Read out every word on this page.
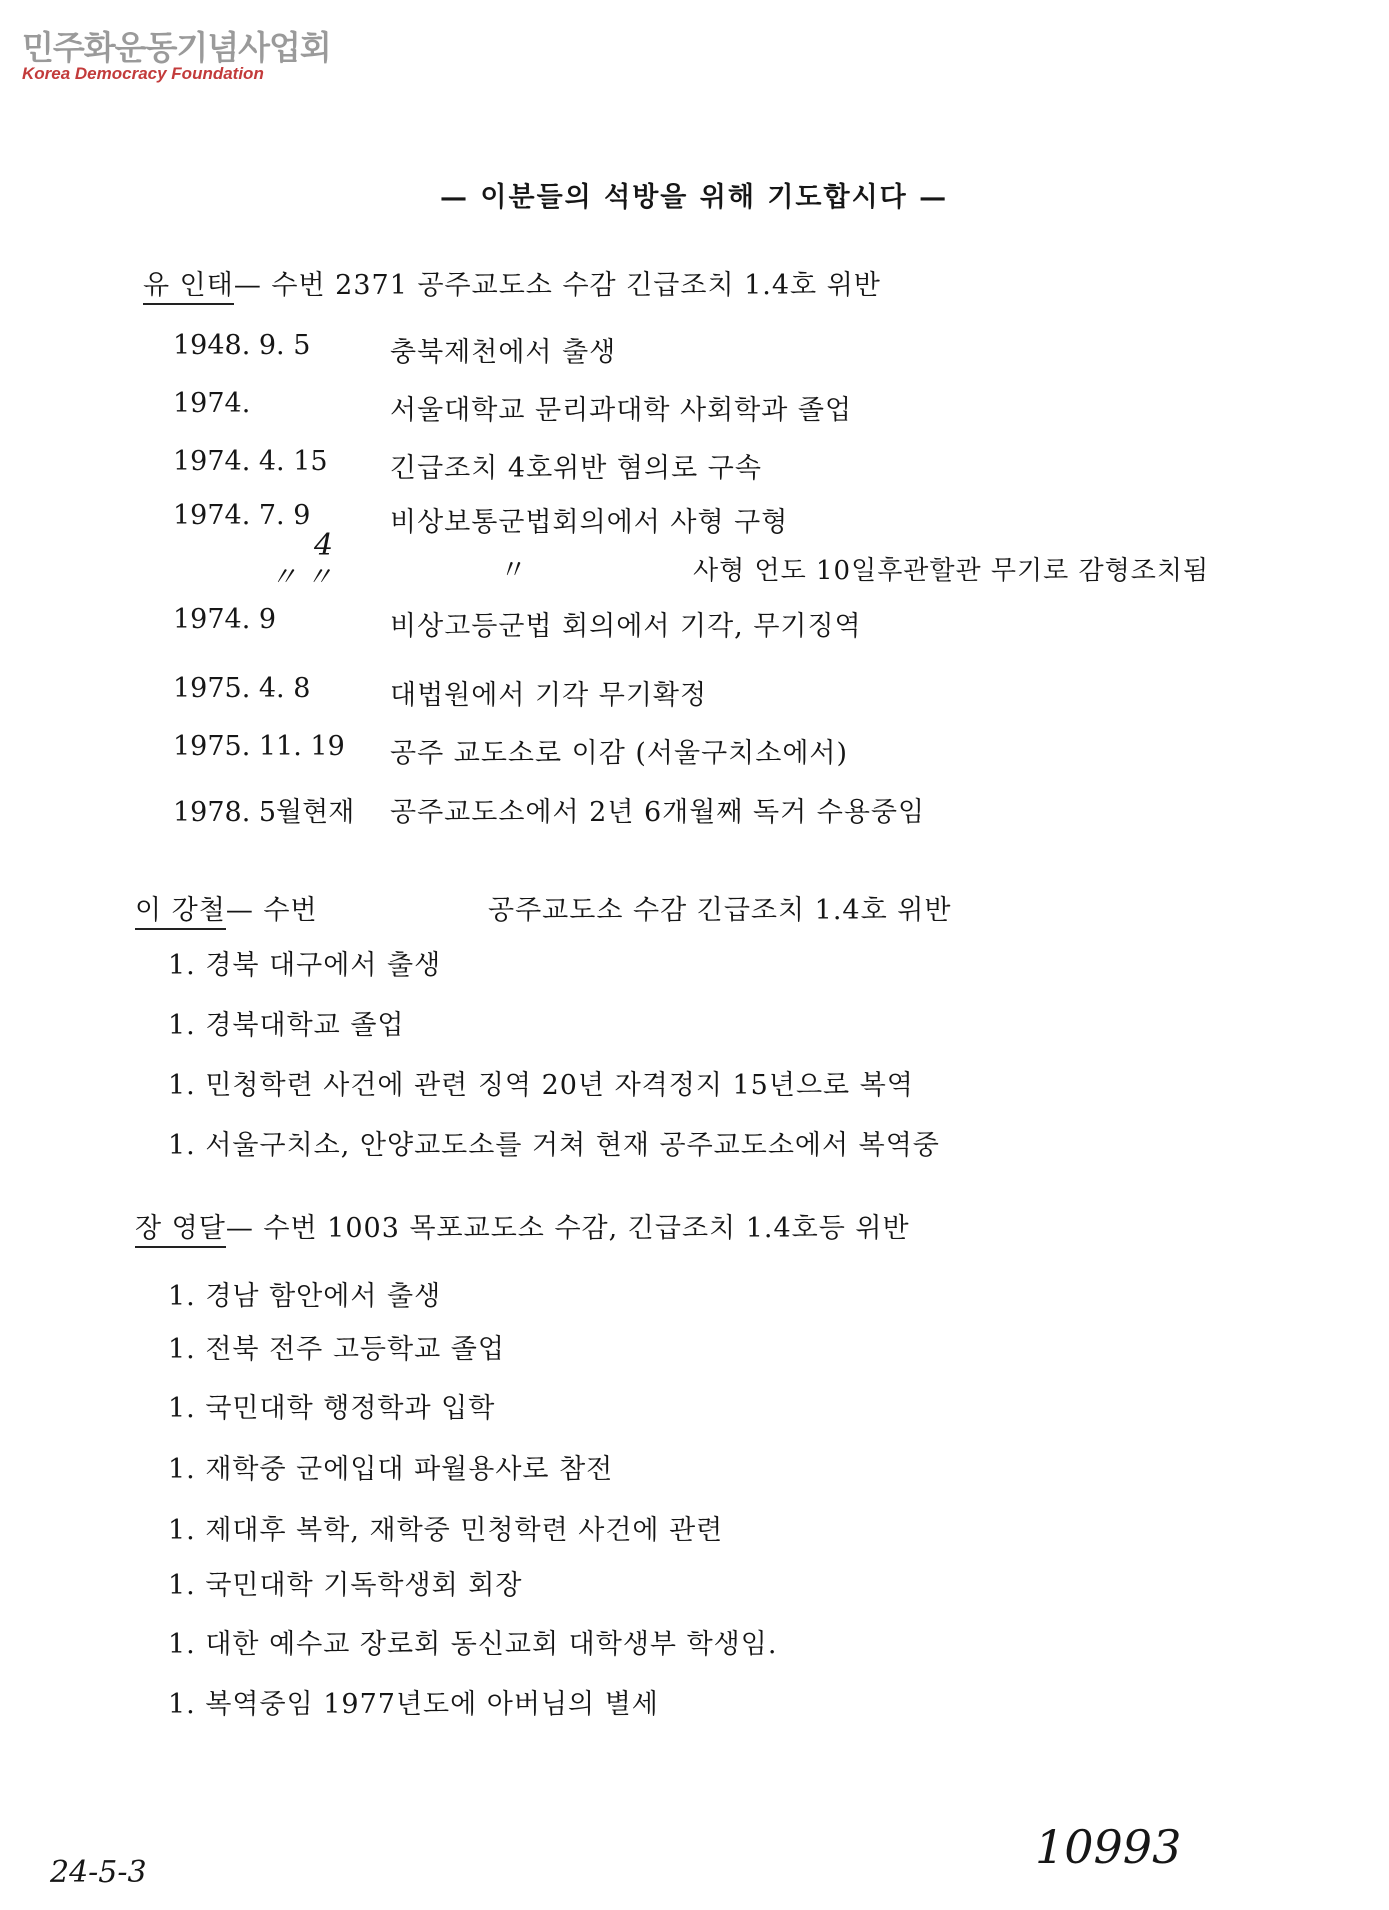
민주화운동기념사업회
Korea Democracy Foundation
— 이분들의 석방을 위해 기도합시다 —
유 인태— 수번 2371 공주교도소 수감 긴급조치 1.4호 위반
1948. 9. 5	충북제천에서 출생
1974.	서울대학교 문리과대학 사회학과 졸업
1974. 4. 15 긴급조치 4호위반 혐의로 구속
1974. 7. 9	비상보통군법회의에서 사형 구형
4
〃 〃	〃	사형 언도 10일후관할관 무기로 감형조치됨
1974. 9	비상고등군법 회의에서 기각, 무기징역
1975. 4. 8	대법원에서 기각 무기확정
1975. 11. 19 공주 교도소로 이감 (서울구치소에서)
1978. 5월현재 공주교도소에서 2년 6개월째 독거 수용중임
이 강철— 수번	공주교도소 수감 긴급조치 1.4호 위반
1. 경북 대구에서 출생
1. 경북대학교 졸업
1. 민청학련 사건에 관련 징역 20년 자격정지 15년으로 복역
1. 서울구치소, 안양교도소를 거쳐 현재 공주교도소에서 복역중
장 영달— 수번 1003 목포교도소 수감, 긴급조치 1.4호등 위반
1. 경남 함안에서 출생
1. 전북 전주 고등학교 졸업
1. 국민대학 행정학과 입학
1. 재학중 군에입대 파월용사로 참전
1. 제대후 복학, 재학중 민청학련 사건에 관련
1. 국민대학 기독학생회 회장
1. 대한 예수교 장로회 동신교회 대학생부 학생임.
1. 복역중임 1977년도에 아버님의 별세
24-5-3	10993
